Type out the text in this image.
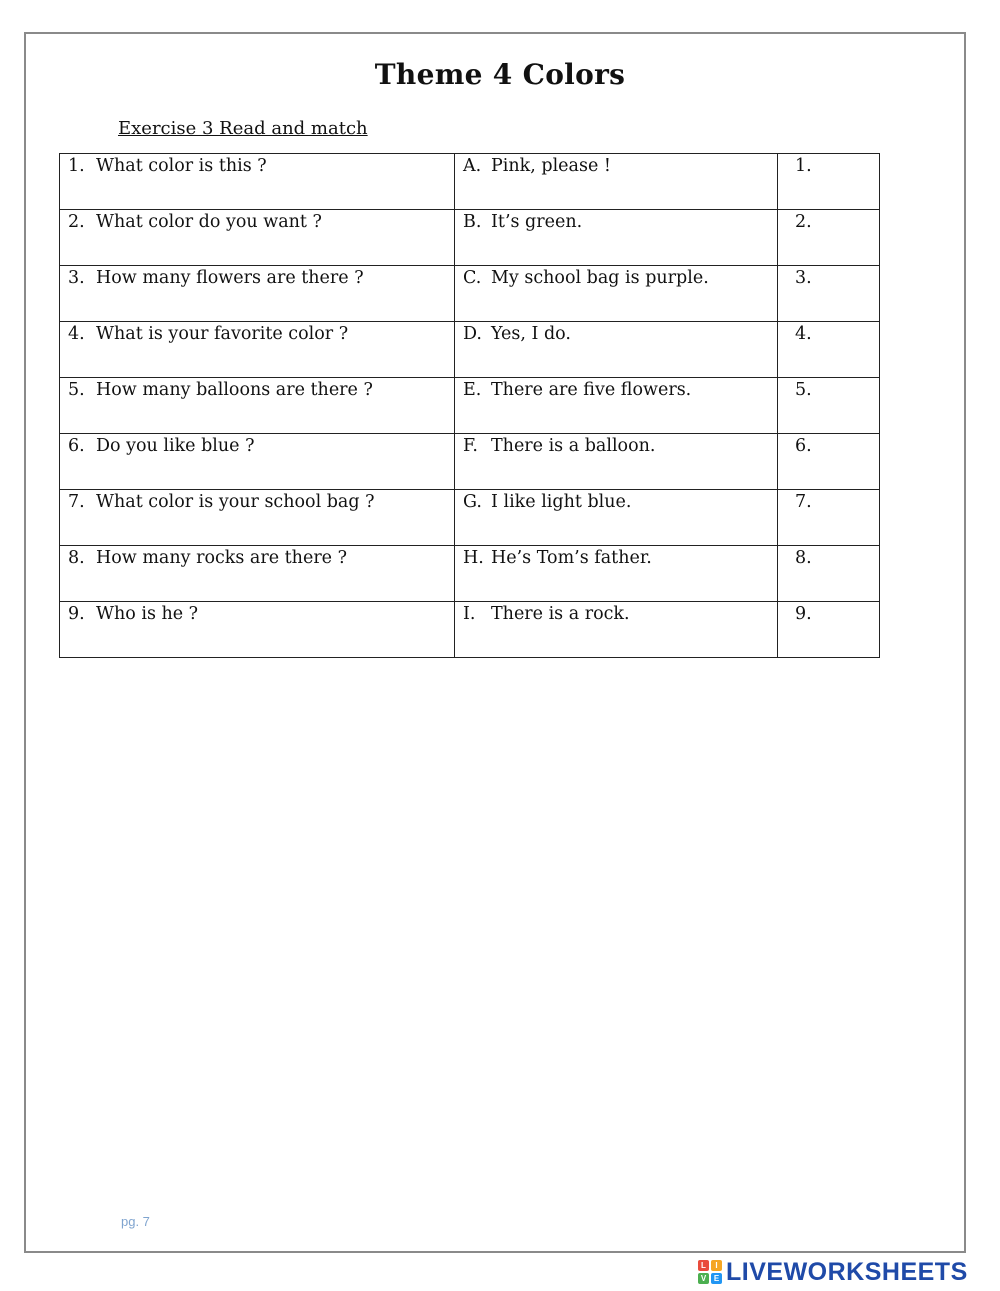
Theme 4 Colors
Exercise 3 Read and match
1. What color is this ?	A. Pink, please !	1.

2. What color do you want ?	B. It’s green.	2.

3. How many flowers are there ?	C. My school bag is purple.	3.

4. What is your favorite color ?	D. Yes, I do.	4.

5. How many balloons are there ?	E. There are five flowers.	5.

6. Do you like blue ?	F. There is a balloon.	6.

7. What color is your school bag ?	G. I like light blue.	7.

8. How many rocks are there ?	H. He’s Tom’s father.	8.

9. Who is he ?	I. There is a rock.	9.
pg. 7
L	I
V E LIVEWORKSHEETS
